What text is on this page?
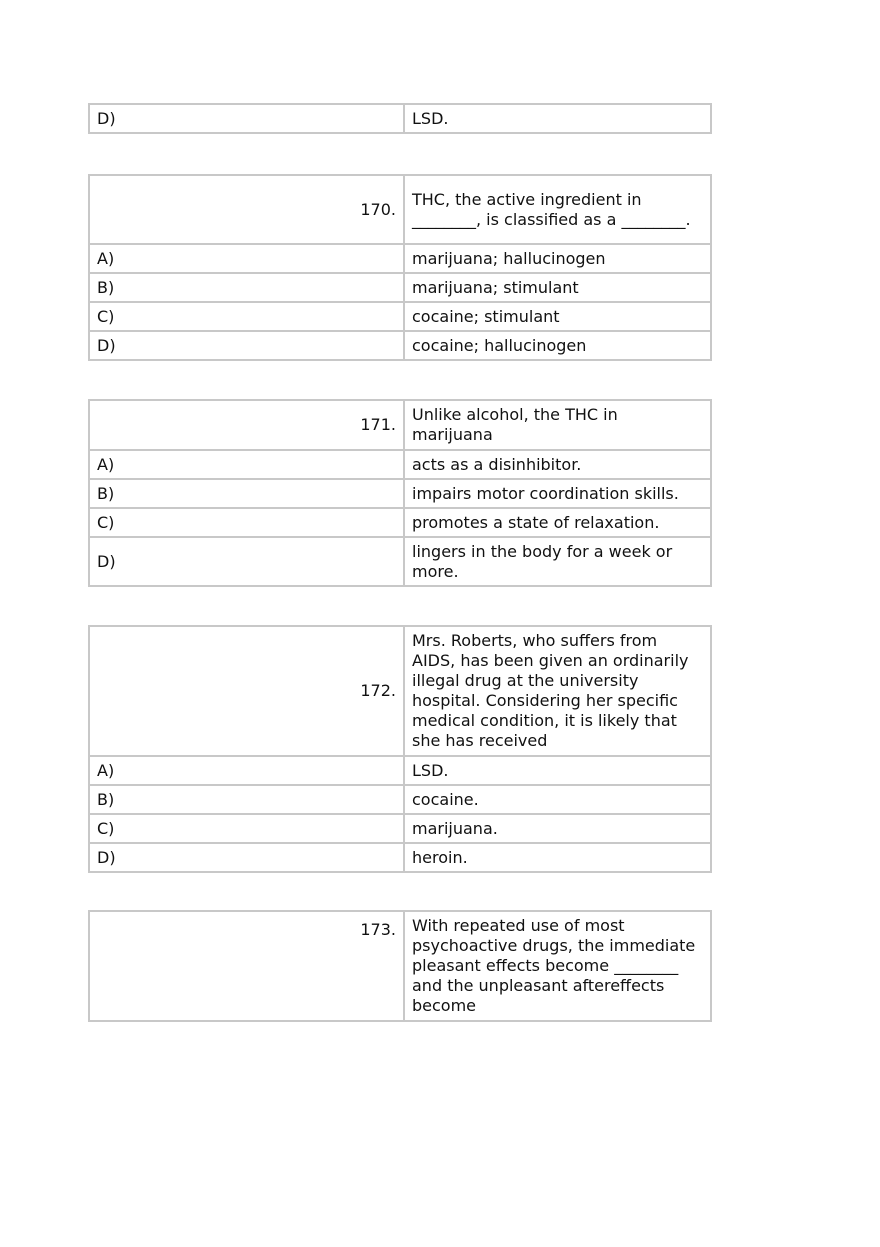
D)	LSD.
170.	THC, the active ingredient in ________, is classified as a ________.
A)	marijuana; hallucinogen
B)	marijuana; stimulant
C)	cocaine; stimulant
D)	cocaine; hallucinogen
171.	Unlike alcohol, the THC in marijuana
A)	acts as a disinhibitor.
B)	impairs motor coordination skills.
C)	promotes a state of relaxation.
D)	lingers in the body for a week or more.
172.	Mrs. Roberts, who suffers from AIDS, has been given an ordinarily illegal drug at the university hospital. Considering her specific medical condition, it is likely that she has received
A)	LSD.
B)	cocaine.
C)	marijuana.
D)	heroin.
173.	With repeated use of most psychoactive drugs, the immediate pleasant effects become ________ and the unpleasant aftereffects become
